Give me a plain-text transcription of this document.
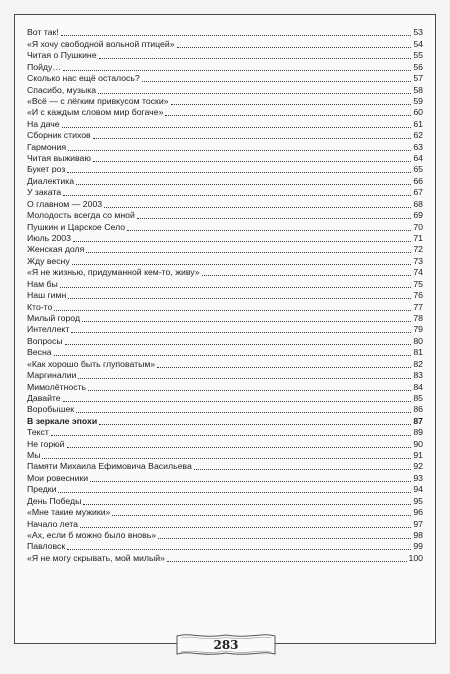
Вот так!	53
«Я хочу свободной вольной птицей»	54
Читая о Пушкине	55
Пойду…	56
Сколько нас ещё осталось?	57
Спасибо, музыка	58
«Всё — с лёгким привкусом тоски»	59
«И с каждым словом мир богаче»	60
На даче	61
Сборник стихов	62
Гармония	63
Читая выживаю	64
Букет роз	65
Диалектика	66
У заката	67
О главном — 2003	68
Молодость всегда со мной	69
Пушкин и Царское Село	70
Июль 2003	71
Женская доля	72
Жду весну	73
«Я не жизнью, придуманной кем-то, живу»	74
Нам бы	75
Наш гимн	76
Кто-то	77
Милый город	78
Интеллект	79
Вопросы	80
Весна	81
«Как хорошо быть глуповатым»	82
Маргиналии	83
Мимолётность	84
Давайте	85
Воробышек	86
В зеркале эпохи	87
Текст	89
Не горюй	90
Мы	91
Памяти Михаила Ефимовича Васильева	92
Мои ровесники	93
Предки	94
День Победы	95
«Мне такие мужики»	96
Начало лета	97
«Ах, если б можно было вновь»	98
Павловск	99
«Я не могу скрывать, мой милый»	100
283
